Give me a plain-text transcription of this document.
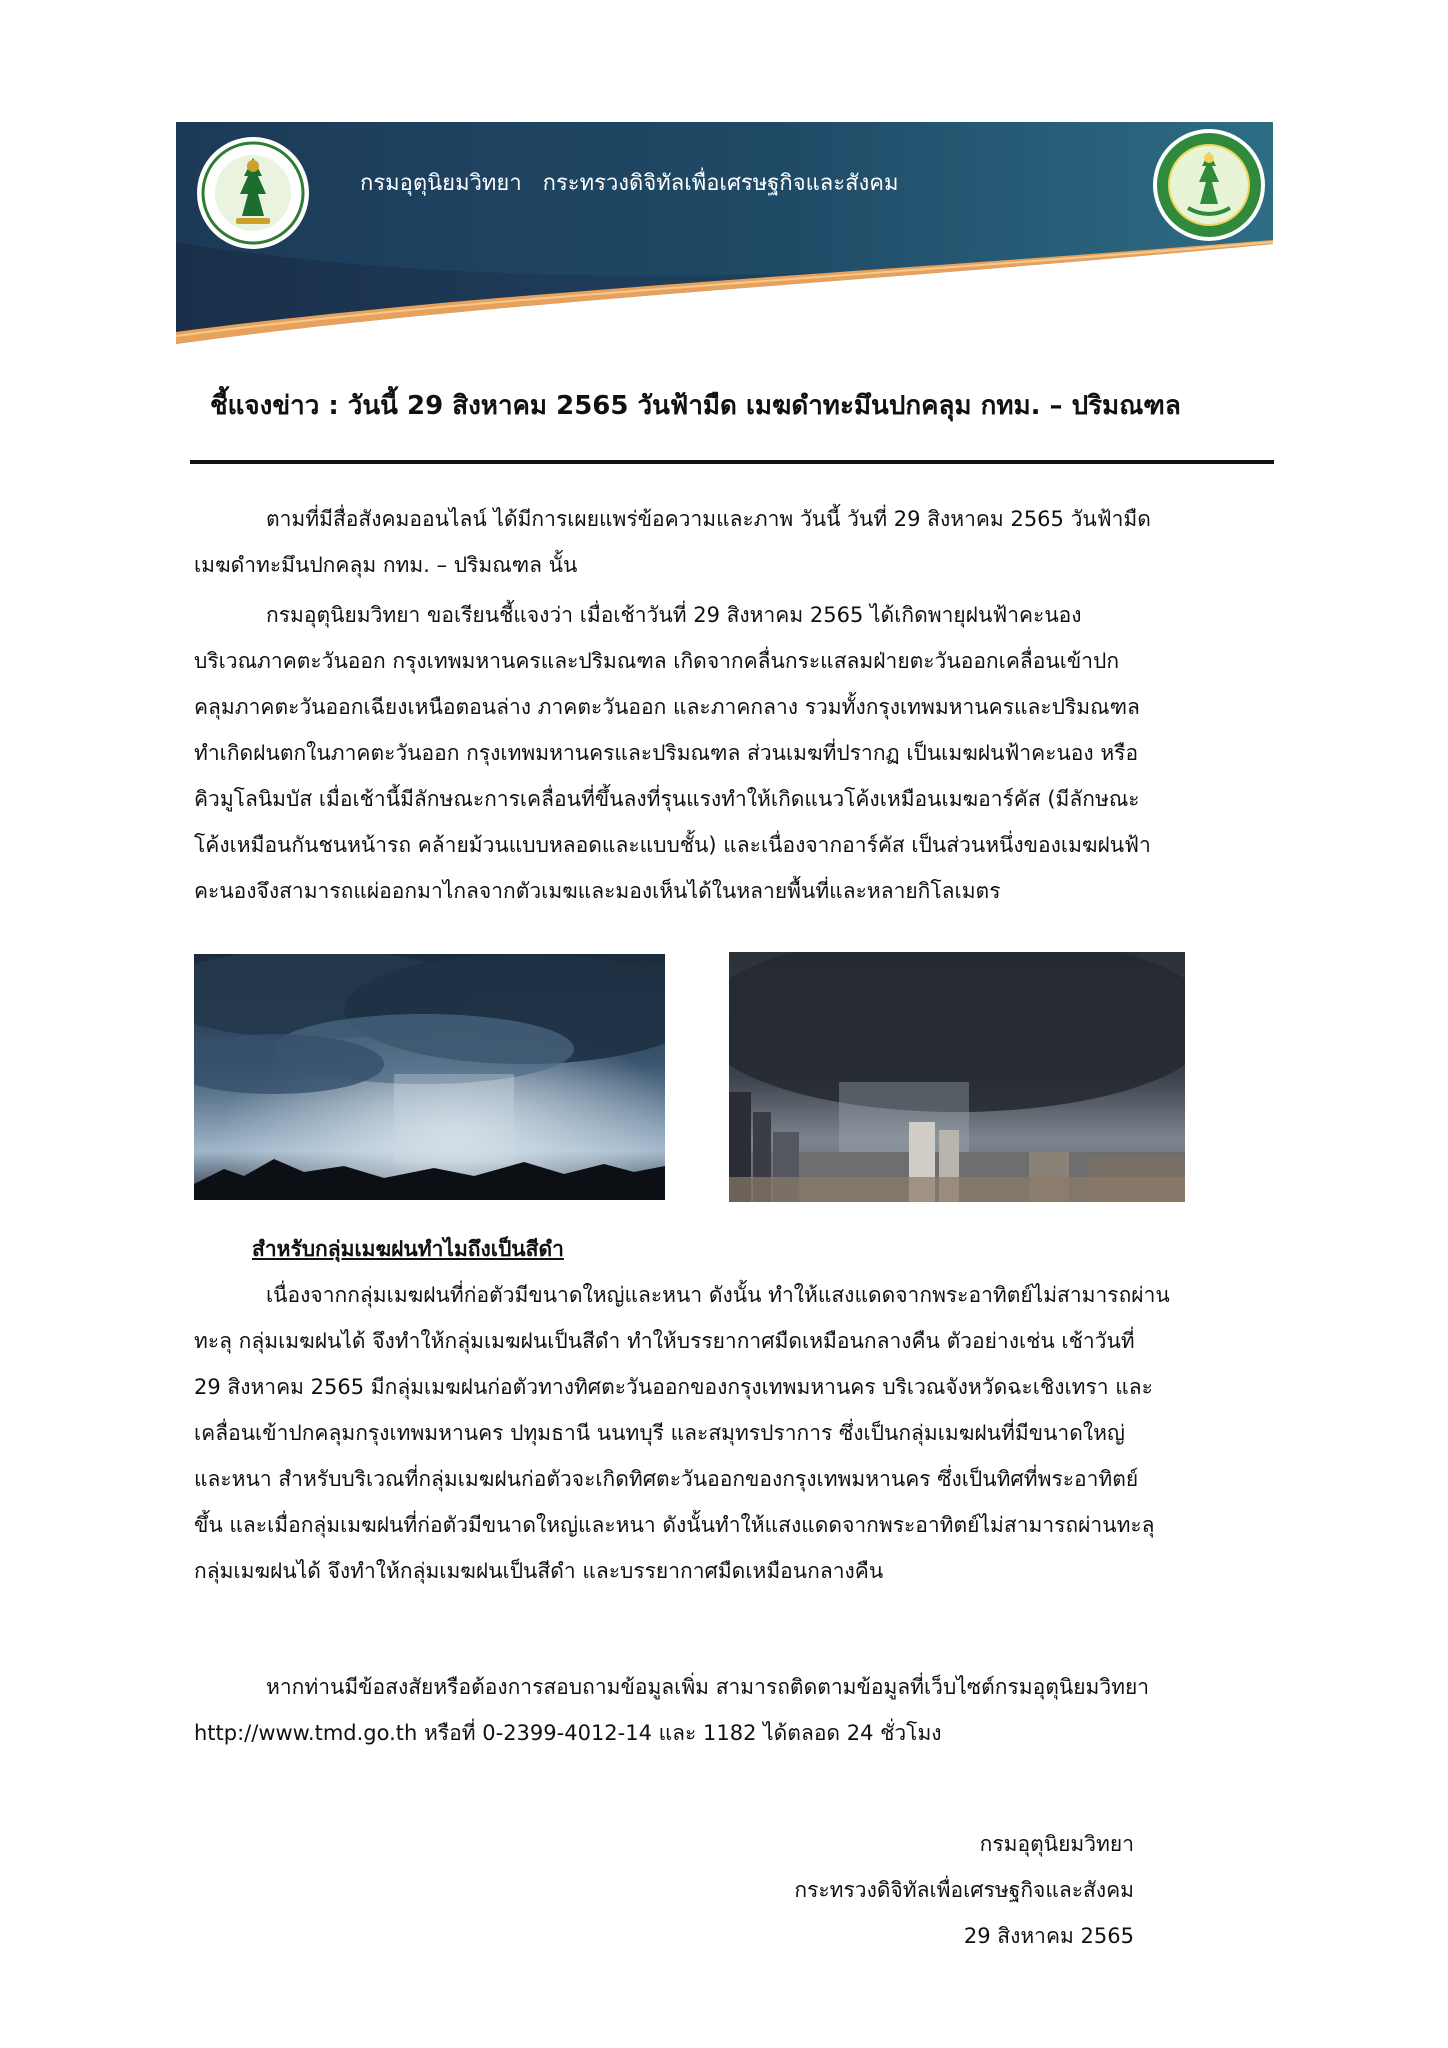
กรมอุตุนิยมวิทยา กระทรวงดิจิทัลเพื่อเศรษฐกิจและสังคม
ชี้แจงข่าว : วันนี้ 29 สิงหาคม 2565 วันฟ้ามืด เมฆดำทะมึนปกคลุม กทม. – ปริมณฑล
ตามที่มีสื่อสังคมออนไลน์ ได้มีการเผยแพร่ข้อความและภาพ วันนี้ วันที่ 29 สิงหาคม 2565 วันฟ้ามืด
เมฆดำทะมึนปกคลุม กทม. – ปริมณฑล นั้น
กรมอุตุนิยมวิทยา ขอเรียนชี้แจงว่า เมื่อเช้าวันที่ 29 สิงหาคม 2565 ได้เกิดพายุฝนฟ้าคะนอง
บริเวณภาคตะวันออก กรุงเทพมหานครและปริมณฑล เกิดจากคลื่นกระแสลมฝ่ายตะวันออกเคลื่อนเข้าปก
คลุมภาคตะวันออกเฉียงเหนือตอนล่าง ภาคตะวันออก และภาคกลาง รวมทั้งกรุงเทพมหานครและปริมณฑล
ทำเกิดฝนตกในภาคตะวันออก กรุงเทพมหานครและปริมณฑล ส่วนเมฆที่ปรากฏ เป็นเมฆฝนฟ้าคะนอง หรือ
คิวมูโลนิมบัส เมื่อเช้านี้มีลักษณะการเคลื่อนที่ขึ้นลงที่รุนแรงทำให้เกิดแนวโค้งเหมือนเมฆอาร์คัส (มีลักษณะ
โค้งเหมือนกันชนหน้ารถ คล้ายม้วนแบบหลอดและแบบชั้น) และเนื่องจากอาร์คัส เป็นส่วนหนึ่งของเมฆฝนฟ้า
คะนองจึงสามารถแผ่ออกมาไกลจากตัวเมฆและมองเห็นได้ในหลายพื้นที่และหลายกิโลเมตร
สำหรับกลุ่มเมฆฝนทำไมถึงเป็นสีดำ
เนื่องจากกลุ่มเมฆฝนที่ก่อตัวมีขนาดใหญ่และหนา ดังนั้น ทำให้แสงแดดจากพระอาทิตย์ไม่สามารถผ่าน
ทะลุ กลุ่มเมฆฝนได้ จึงทำให้กลุ่มเมฆฝนเป็นสีดำ ทำให้บรรยากาศมืดเหมือนกลางคืน ตัวอย่างเช่น เช้าวันที่
29 สิงหาคม 2565 มีกลุ่มเมฆฝนก่อตัวทางทิศตะวันออกของกรุงเทพมหานคร บริเวณจังหวัดฉะเชิงเทรา และ
เคลื่อนเข้าปกคลุมกรุงเทพมหานคร ปทุมธานี นนทบุรี และสมุทรปราการ ซึ่งเป็นกลุ่มเมฆฝนที่มีขนาดใหญ่
และหนา สำหรับบริเวณที่กลุ่มเมฆฝนก่อตัวจะเกิดทิศตะวันออกของกรุงเทพมหานคร ซึ่งเป็นทิศที่พระอาทิตย์
ขึ้น และเมื่อกลุ่มเมฆฝนที่ก่อตัวมีขนาดใหญ่และหนา ดังนั้นทำให้แสงแดดจากพระอาทิตย์ไม่สามารถผ่านทะลุ
กลุ่มเมฆฝนได้ จึงทำให้กลุ่มเมฆฝนเป็นสีดำ และบรรยากาศมืดเหมือนกลางคืน
หากท่านมีข้อสงสัยหรือต้องการสอบถามข้อมูลเพิ่ม สามารถติดตามข้อมูลที่เว็บไซต์กรมอุตุนิยมวิทยา
http://www.tmd.go.th หรือที่ 0-2399-4012-14 และ 1182 ได้ตลอด 24 ชั่วโมง
กรมอุตุนิยมวิทยา
กระทรวงดิจิทัลเพื่อเศรษฐกิจและสังคม
29 สิงหาคม 2565
